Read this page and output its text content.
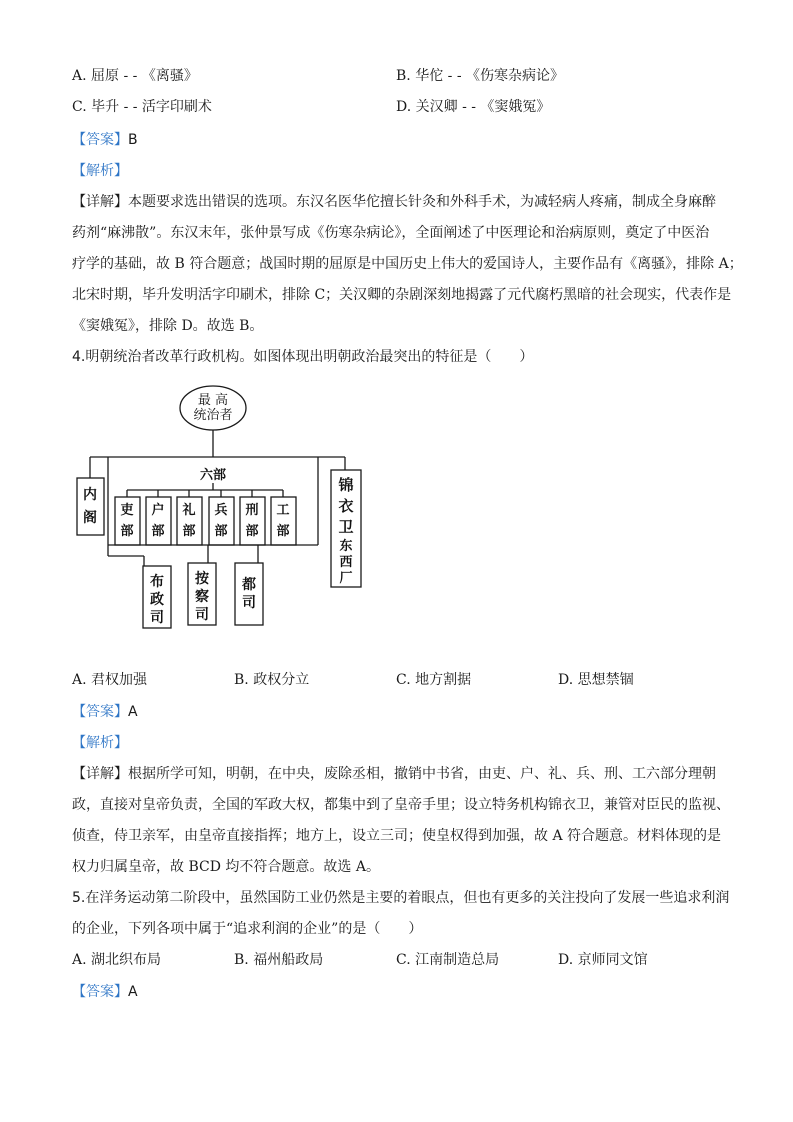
A. 屈原 - - 《离骚》	B. 华佗 - - 《伤寒杂病论》
C. 毕升 - - 活字印刷术	D. 关汉卿 - - 《窦娥冤》
【答案】B
【解析】
【详解】本题要求选出错误的选项。东汉名医华佗擅长针灸和外科手术，为减轻病人疼痛，制成全身麻醉
药剂“麻沸散”。东汉末年，张仲景写成《伤寒杂病论》，全面阐述了中医理论和治病原则，奠定了中医治
疗学的基础，故 B 符合题意；战国时期的屈原是中国历史上伟大的爱国诗人，主要作品有《离骚》，排除 A；
北宋时期，毕升发明活字印刷术，排除 C；关汉卿的杂剧深刻地揭露了元代腐朽黑暗的社会现实，代表作是
《窦娥冤》，排除 D。故选 B。
4.明朝统治者改革行政机构。如图体现出明朝政治最突出的特征是（　　）
最 高
统治者
六部
内
阁 吏
部
户
部
礼
部
兵
部
刑
部
工
部
锦
衣
卫
东
西
厂
布
政
司
按
察
司
都
司
A. 君权加强	B. 政权分立	C. 地方割据	D. 思想禁锢
【答案】A
【解析】
【详解】根据所学可知，明朝，在中央，废除丞相，撤销中书省，由吏、户、礼、兵、刑、工六部分理朝
政，直接对皇帝负责，全国的军政大权，都集中到了皇帝手里；设立特务机构锦衣卫，兼管对臣民的监视、
侦查，侍卫亲军，由皇帝直接指挥；地方上，设立三司；使皇权得到加强，故 A 符合题意。材料体现的是
权力归属皇帝，故 BCD 均不符合题意。故选 A。
5.在洋务运动第二阶段中，虽然国防工业仍然是主要的着眼点，但也有更多的关注投向了发展一些追求利润
的企业，下列各项中属于“追求利润的企业”的是（　　）
A. 湖北织布局	B. 福州船政局	C. 江南制造总局	D. 京师同文馆
【答案】A
